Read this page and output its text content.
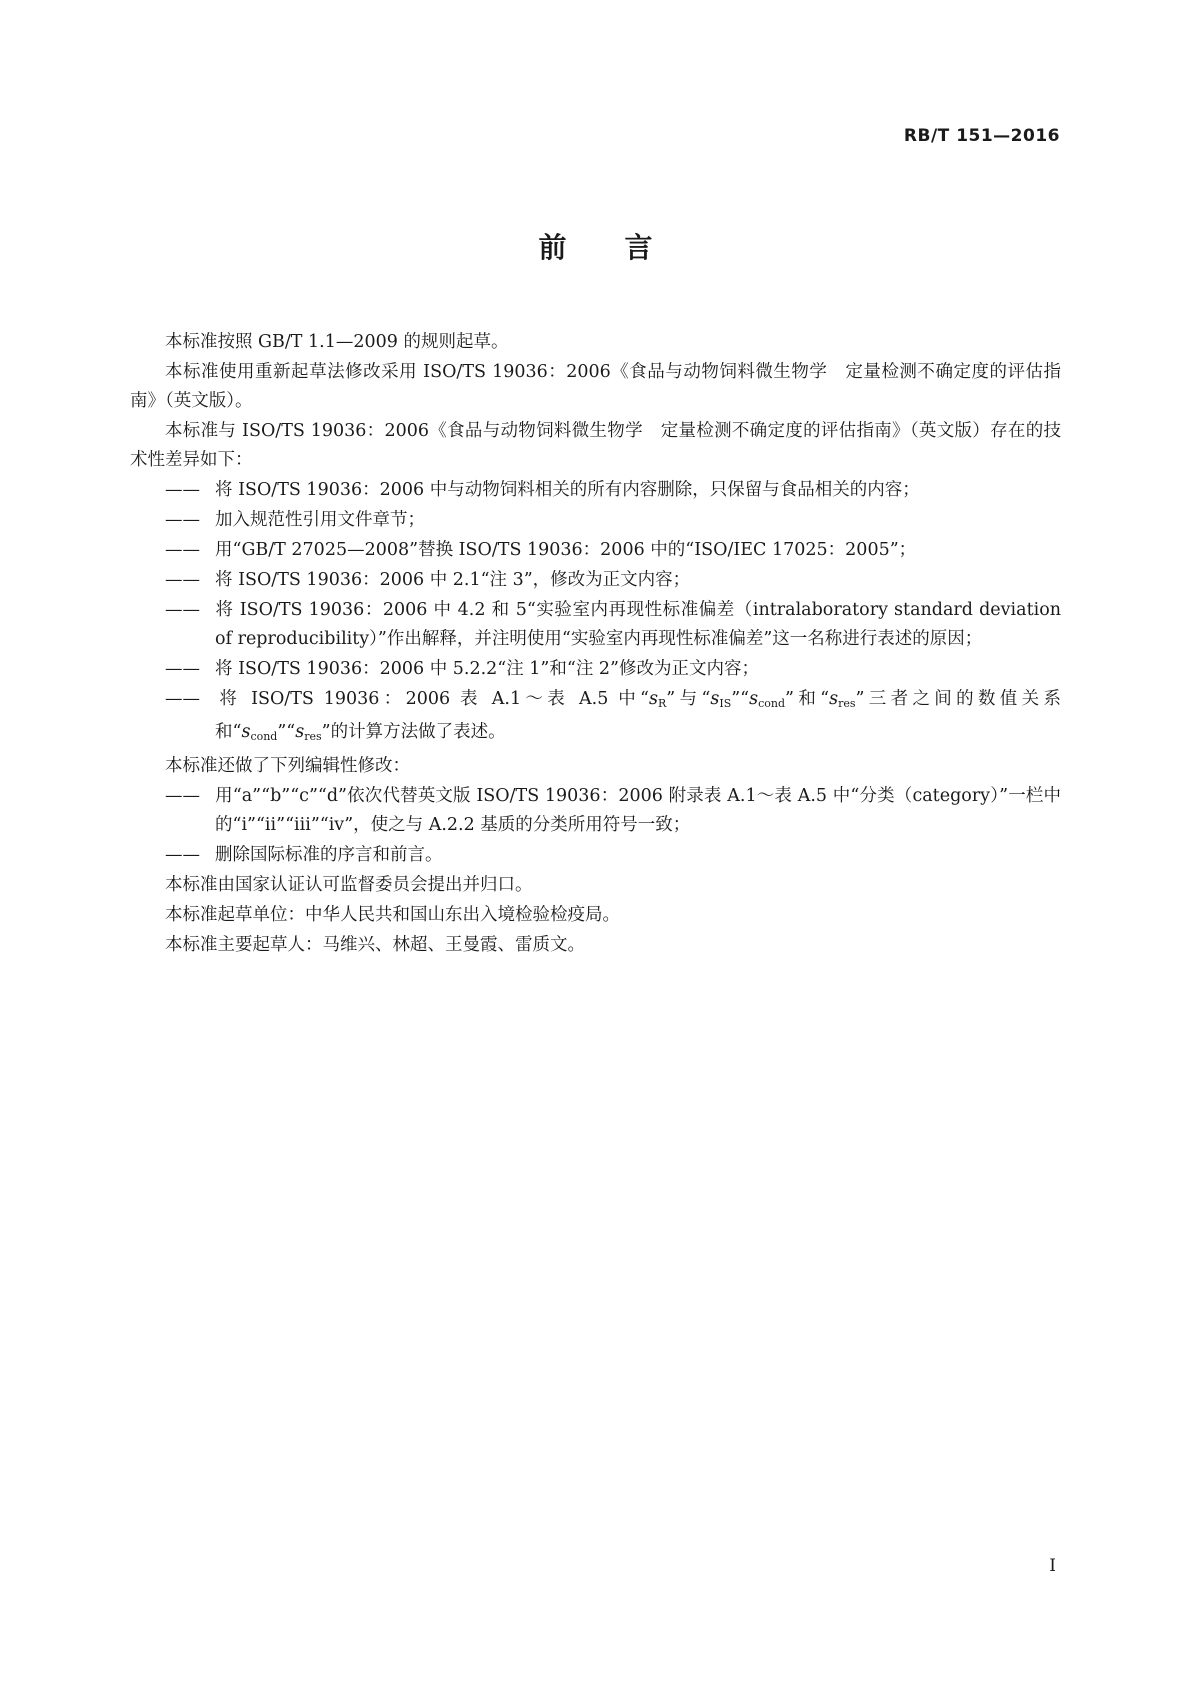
RB/T 151—2016
前 言

本标准按照 GB/T 1.1—2009 的规则起草。

本标准使用重新起草法修改采用 ISO/TS 19036：2006《食品与动物饲料微生物学　定量检测不确定度的评估指南》（英文版）。

本标准与 ISO/TS 19036：2006《食品与动物饲料微生物学　定量检测不确定度的评估指南》（英文版）存在的技术性差异如下：

—— 将 ISO/TS 19036：2006 中与动物饲料相关的所有内容删除，只保留与食品相关的内容；

—— 加入规范性引用文件章节；

—— 用“GB/T 27025—2008”替换 ISO/TS 19036：2006 中的“ISO/IEC 17025：2005”；

—— 将 ISO/TS 19036：2006 中 2.1“注 3”，修改为正文内容；

—— 将 ISO/TS 19036：2006 中 4.2 和 5“实验室内再现性标准偏差（intralaboratory standard deviation of reproducibility）”作出解释，并注明使用“实验室内再现性标准偏差”这一名称进行表述的原因；

—— 将 ISO/TS 19036：2006 中 5.2.2“注 1”和“注 2”修改为正文内容；

—— 将 ISO/TS 19036：2006 表 A.1～表 A.5 中“$s_R$”与“$s_{IS}”“s_{cond}$”和“$s_{res}$”三者之间的数值关系和“$s_{cond}”“s_{res}$”的计算方法做了表述。

本标准还做了下列编辑性修改：

—— 用“a”“b”“c”“d”依次代替英文版 ISO/TS 19036：2006 附录表 A.1～表 A.5 中“分类（category）”一栏中的“i”“ii”“iii”“iv”，使之与 A.2.2 基质的分类所用符号一致；

—— 删除国际标准的序言和前言。

本标准由国家认证认可监督委员会提出并归口。

本标准起草单位：中华人民共和国山东出入境检验检疫局。

本标准主要起草人：马维兴、林超、王曼霞、雷质文。

I
